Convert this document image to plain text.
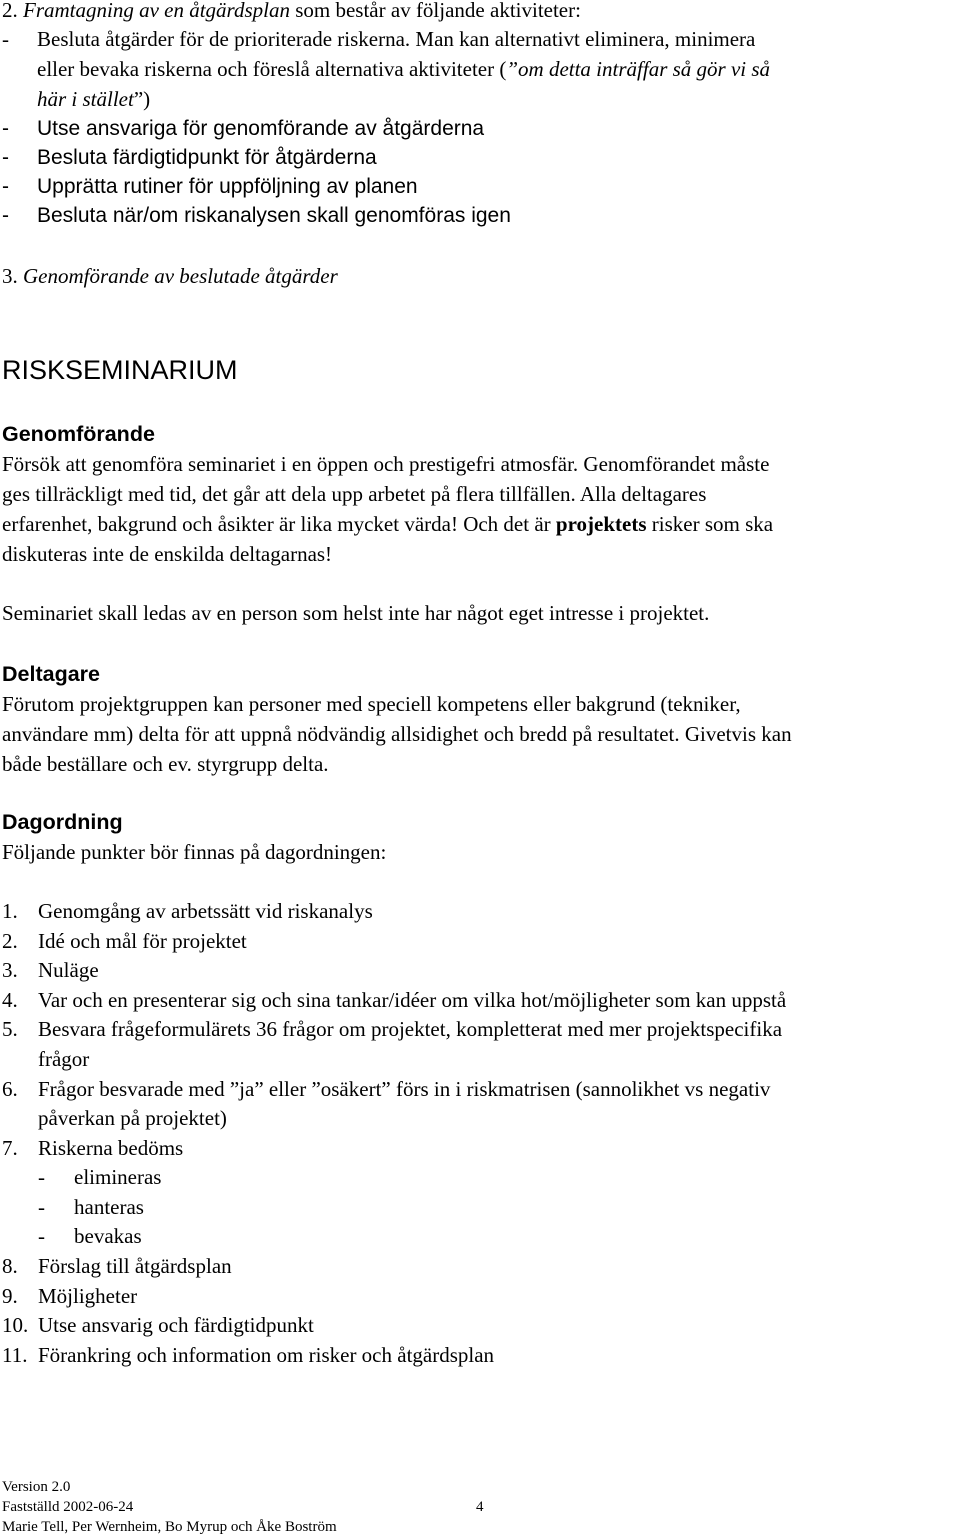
2. Framtagning av en åtgärdsplan som består av följande aktiviteter:
- Besluta åtgärder för de prioriterade riskerna. Man kan alternativt eliminera, minimera
eller bevaka riskerna och föreslå alternativa aktiviteter (”om detta inträffar så gör vi så
här i stället”)
- Utse ansvariga för genomförande av åtgärderna
- Besluta färdigtidpunkt för åtgärderna
- Upprätta rutiner för uppföljning av planen
- Besluta när/om riskanalysen skall genomföras igen
3. Genomförande av beslutade åtgärder
RISKSEMINARIUM
Genomförande
Försök att genomföra seminariet i en öppen och prestigefri atmosfär. Genomförandet måste
ges tillräckligt med tid, det går att dela upp arbetet på flera tillfällen. Alla deltagares
erfarenhet, bakgrund och åsikter är lika mycket värda! Och det är projektets risker som ska
diskuteras inte de enskilda deltagarnas!
Seminariet skall ledas av en person som helst inte har något eget intresse i projektet.
Deltagare
Förutom projektgruppen kan personer med speciell kompetens eller bakgrund (tekniker,
användare mm) delta för att uppnå nödvändig allsidighet och bredd på resultatet. Givetvis kan
både beställare och ev. styrgrupp delta.
Dagordning
Följande punkter bör finnas på dagordningen:
1. Genomgång av arbetssätt vid riskanalys
2. Idé och mål för projektet
3. Nuläge
4. Var och en presenterar sig och sina tankar/idéer om vilka hot/möjligheter som kan uppstå
5. Besvara frågeformulärets 36 frågor om projektet, kompletterat med mer projektspecifika
frågor
6. Frågor besvarade med ”ja” eller ”osäkert” förs in i riskmatrisen (sannolikhet vs negativ
påverkan på projektet)
7. Riskerna bedöms
- elimineras
- hanteras
- bevakas
8. Förslag till åtgärdsplan
9. Möjligheter
10. Utse ansvarig och färdigtidpunkt
11. Förankring och information om risker och åtgärdsplan
Version 2.0
Fastställd 2002-06-24	4
Marie Tell, Per Wernheim, Bo Myrup och Åke Boström
